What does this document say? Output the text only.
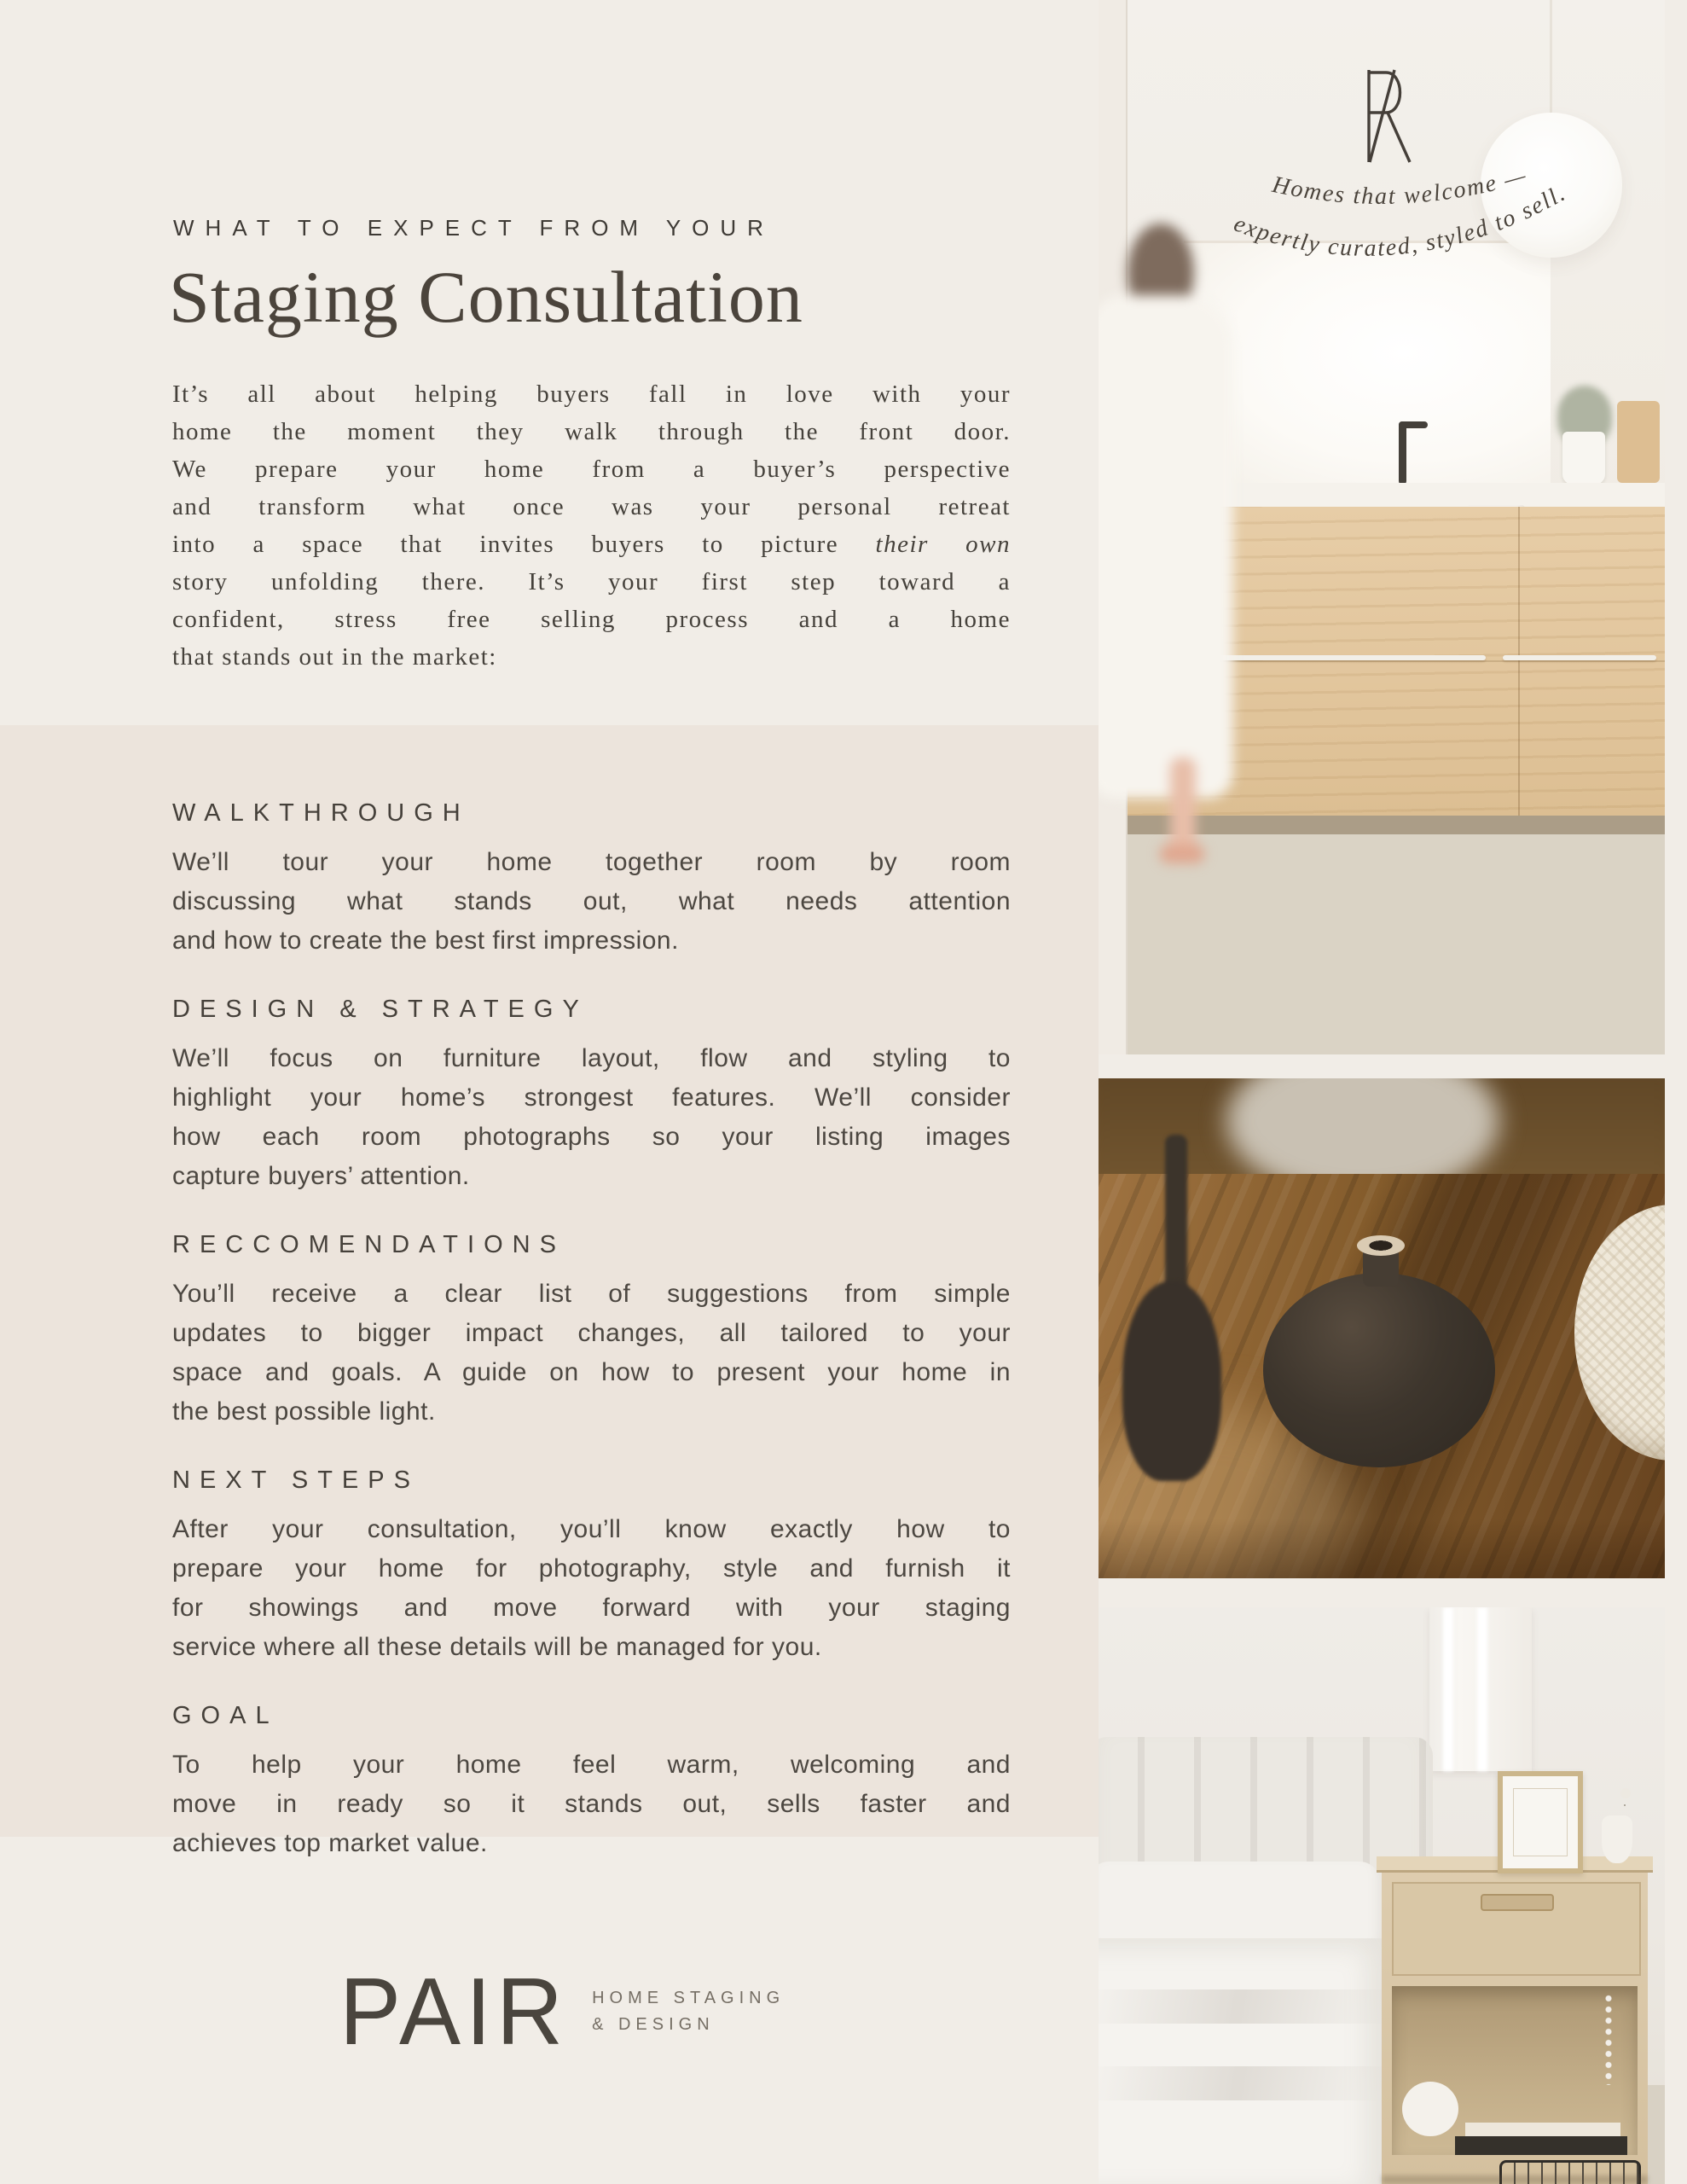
WHAT TO EXPECT FROM YOUR
Staging Consultation
It’s all about helping buyers fall in love with your
home the moment they walk through the front door.
We prepare your home from a buyer’s perspective
and transform what once was your personal retreat
into a space that invites buyers to picture their own
story unfolding there. It’s your first step toward a
confident, stress free selling process and a home
that stands out in the market:
WALKTHROUGH
We’ll tour your home together room by room
discussing what stands out, what needs attention
and how to create the best first impression.
DESIGN & STRATEGY
We’ll focus on furniture layout, flow and styling to
highlight your home’s strongest features. We’ll consider
how each room photographs so your listing images
capture buyers’ attention.
RECCOMENDATIONS
You’ll receive a clear list of suggestions from simple
updates to bigger impact changes, all tailored to your
space and goals. A guide on how to present your home in
the best possible light.
NEXT STEPS
After your consultation, you’ll know exactly how to
prepare your home for photography, style and furnish it
for showings and move forward with your staging
service where all these details will be managed for you.
GOAL
To help your home feel warm, welcoming and
move in ready so it stands out, sells faster and
achieves top market value.
PAIR HOME STAGING
& DESIGN
Homes that welcome —
expertly curated, styled to sell.
